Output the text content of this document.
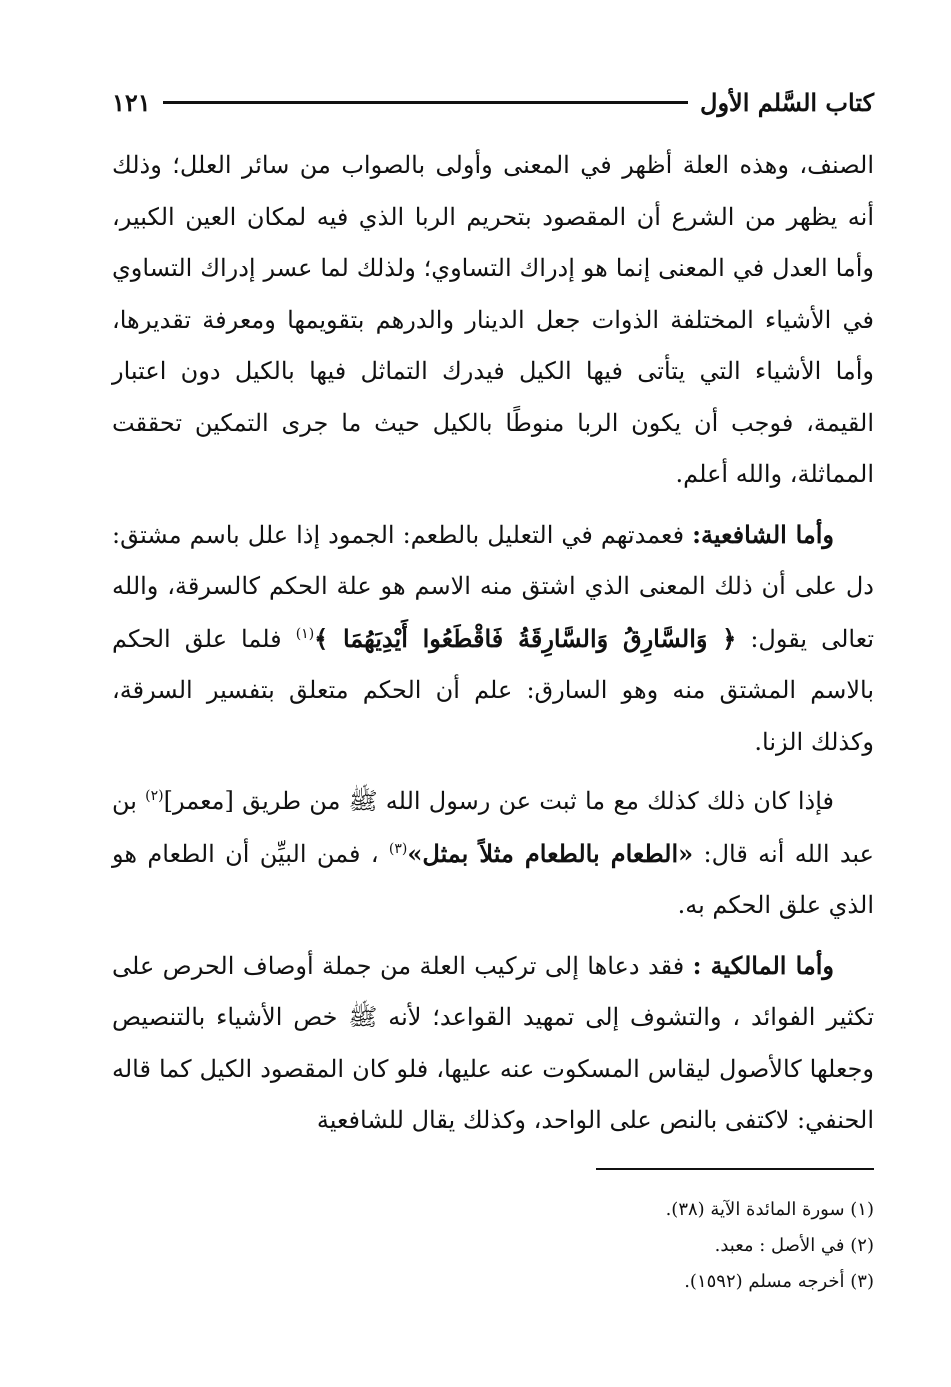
كتاب السَّلم الأول
١٢١

الصنف، وهذه العلة أظهر في المعنى وأولى بالصواب من سائر العلل؛ وذلك أنه يظهر من الشرع أن المقصود بتحريم الربا الذي فيه لمكان العين الكبير، وأما العدل في المعنى إنما هو إدراك التساوي؛ ولذلك لما عسر إدراك التساوي في الأشياء المختلفة الذوات جعل الدينار والدرهم بتقويمها ومعرفة تقديرها، وأما الأشياء التي يتأتى فيها الكيل فيدرك التماثل فيها بالكيل دون اعتبار القيمة، فوجب أن يكون الربا منوطًا بالكيل حيث ما جرى التمكين تحققت المماثلة، والله أعلم.

وأما الشافعية: فعمدتهم في التعليل بالطعم: الجمود إذا علل باسم مشتق: دل على أن ذلك المعنى الذي اشتق منه الاسم هو علة الحكم كالسرقة، والله تعالى يقول: ﴿ وَالسَّارِقُ وَالسَّارِقَةُ فَاقْطَعُوا أَيْدِيَهُمَا ﴾$^{(١)}$ فلما علق الحكم بالاسم المشتق منه وهو السارق: علم أن الحكم متعلق بتفسير السرقة، وكذلك الزنا.

فإذا كان ذلك كذلك مع ما ثبت عن رسول الله ﷺ من طريق [معمر]$^{(٢)}$ بن عبد الله أنه قال: «الطعام بالطعام مثلاً بمثل»$^{(٣)}$ ، فمن البيِّن أن الطعام هو الذي علق الحكم به.

وأما المالكية : فقد دعاها إلى تركيب العلة من جملة أوصاف الحرص على تكثير الفوائد ، والتشوف إلى تمهيد القواعد؛ لأنه ﷺ خص الأشياء بالتنصيص وجعلها كالأصول ليقاس المسكوت عنه عليها، فلو كان المقصود الكيل كما قاله الحنفي: لاكتفى بالنص على الواحد، وكذلك يقال للشافعية

(١) سورة المائدة الآية (٣٨).
(٢) في الأصل : معبد.
(٣) أخرجه مسلم (١٥٩٢).
